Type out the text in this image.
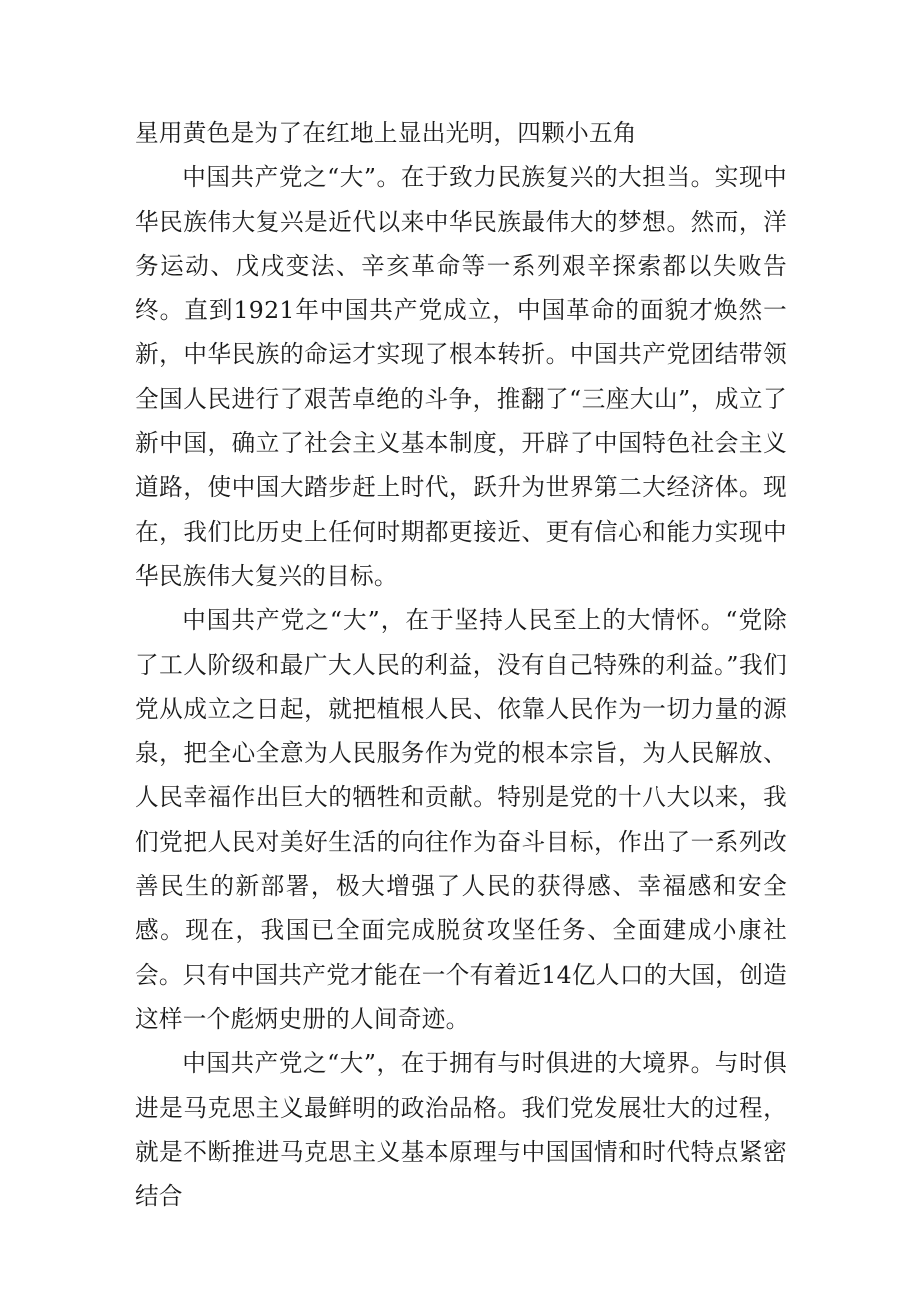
星用黄色是为了在红地上显出光明，四颗小五角

中国共产党之“大”。在于致力民族复兴的大担当。实现中华民族伟大复兴是近代以来中华民族最伟大的梦想。然而，洋务运动、戊戌变法、辛亥革命等一系列艰辛探索都以失败告终。直到1921年中国共产党成立，中国革命的面貌才焕然一新，中华民族的命运才实现了根本转折。中国共产党团结带领全国人民进行了艰苦卓绝的斗争，推翻了“三座大山”，成立了新中国，确立了社会主义基本制度，开辟了中国特色社会主义道路，使中国大踏步赶上时代，跃升为世界第二大经济体。现在，我们比历史上任何时期都更接近、更有信心和能力实现中华民族伟大复兴的目标。

中国共产党之“大”，在于坚持人民至上的大情怀。“党除了工人阶级和最广大人民的利益，没有自己特殊的利益。”我们党从成立之日起，就把植根人民、依靠人民作为一切力量的源泉，把全心全意为人民服务作为党的根本宗旨，为人民解放、人民幸福作出巨大的牺牲和贡献。特别是党的十八大以来，我们党把人民对美好生活的向往作为奋斗目标，作出了一系列改善民生的新部署，极大增强了人民的获得感、幸福感和安全感。现在，我国已全面完成脱贫攻坚任务、全面建成小康社会。只有中国共产党才能在一个有着近14亿人口的大国，创造这样一个彪炳史册的人间奇迹。

中国共产党之“大”，在于拥有与时俱进的大境界。与时俱进是马克思主义最鲜明的政治品格。我们党发展壮大的过程，就是不断推进马克思主义基本原理与中国国情和时代特点紧密结合
